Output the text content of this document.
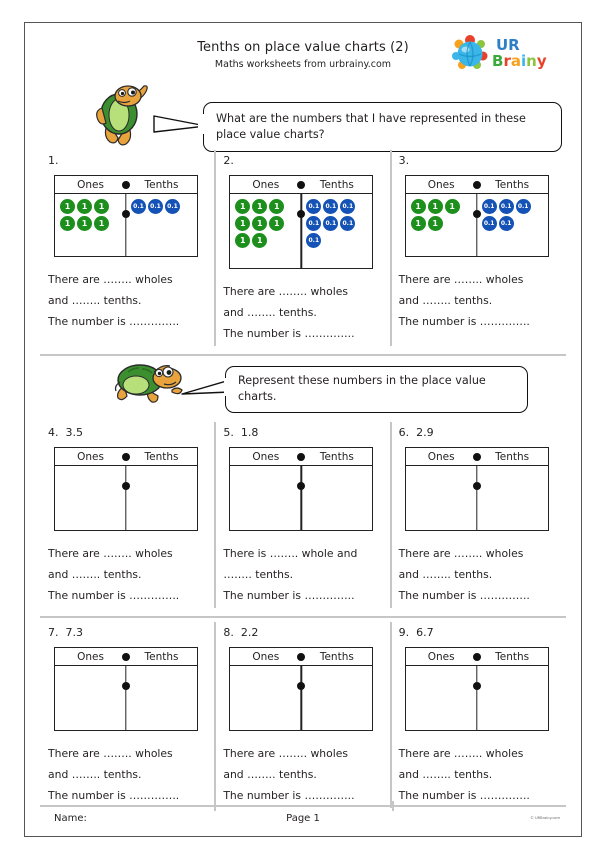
Tenths on place value charts (2)
Maths worksheets from urbrainy.com
UR
Brainy
What are the numbers that I have represented in these place value charts?
1.
Ones	Tenths
1	1	1
1	1	1
0.1	0.1	0.1
There are …….. wholes
and …….. tenths.
The number is …………..
2.
Ones	Tenths
1	1	1
1	1	1
1	1
0.1	0.1	0.1
0.1	0.1	0.1
0.1
There are …….. wholes
and …….. tenths.
The number is …………..
3.
Ones	Tenths
1	1	1
1	1
0.1	0.1	0.1
0.1	0.1
There are …….. wholes
and …….. tenths.
The number is …………..
Represent these numbers in the place value charts.
4. 3.5
Ones	Tenths
There are …….. wholes
and …….. tenths.
The number is …………..
5. 1.8
Ones	Tenths
There is …….. whole and
…….. tenths.
The number is …………..
6. 2.9
Ones	Tenths
There are …….. wholes
and …….. tenths.
The number is …………..
7. 7.3
Ones	Tenths
There are …….. wholes
and …….. tenths.
The number is …………..
8. 2.2
Ones	Tenths
There are …….. wholes
and …….. tenths.
The number is …………..
9. 6.7
Ones	Tenths
There are …….. wholes
and …….. tenths.
The number is …………..
Name:	Page 1	© URBrainy.com
